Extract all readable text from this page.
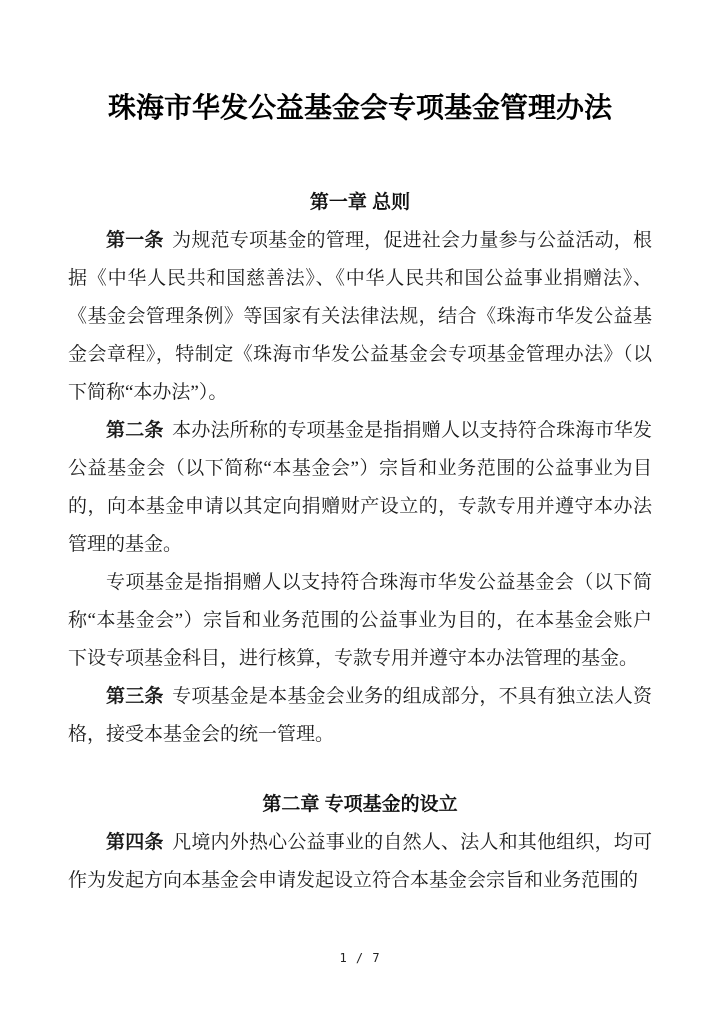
珠海市华发公益基金会专项基金管理办法
第一章 总则

第一条 为规范专项基金的管理，促进社会力量参与公益活动，根据《中华人民共和国慈善法》、《中华人民共和国公益事业捐赠法》、《基金会管理条例》等国家有关法律法规，结合《珠海市华发公益基金会章程》，特制定《珠海市华发公益基金会专项基金管理办法》（以下简称“本办法”）。

第二条 本办法所称的专项基金是指捐赠人以支持符合珠海市华发公益基金会（以下简称“本基金会”）宗旨和业务范围的公益事业为目的，向本基金申请以其定向捐赠财产设立的，专款专用并遵守本办法管理的基金。

专项基金是指捐赠人以支持符合珠海市华发公益基金会（以下简称“本基金会”）宗旨和业务范围的公益事业为目的，在本基金会账户下设专项基金科目，进行核算，专款专用并遵守本办法管理的基金。

第三条 专项基金是本基金会业务的组成部分，不具有独立法人资格，接受本基金会的统一管理。

第二章 专项基金的设立

第四条 凡境内外热心公益事业的自然人、法人和其他组织，均可作为发起方向本基金会申请发起设立符合本基金会宗旨和业务范围的

1 / 7
